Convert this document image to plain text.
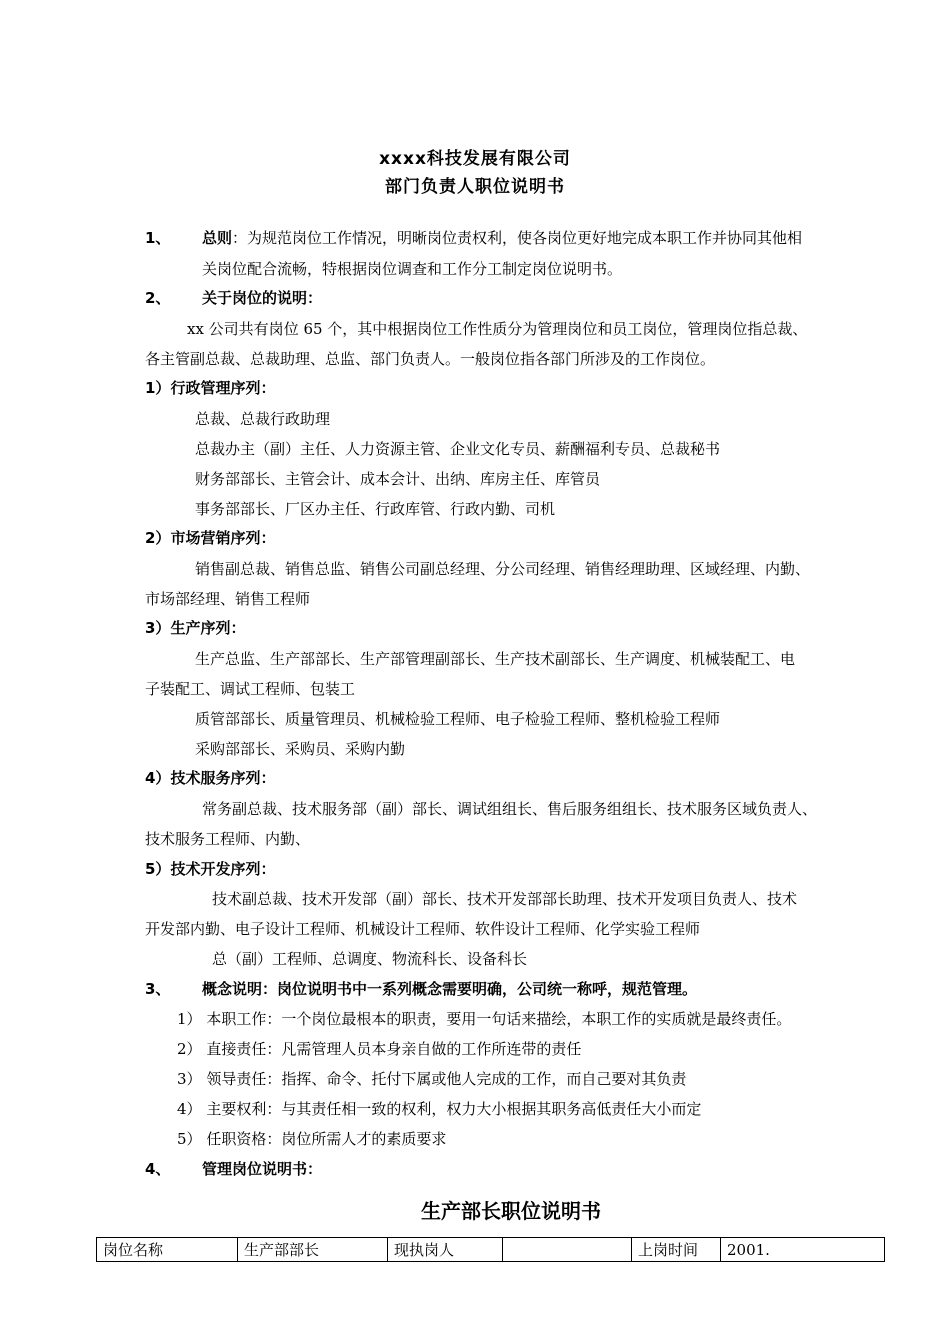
xxxx科技发展有限公司
部门负责人职位说明书
1、 总则：为规范岗位工作情况，明晰岗位责权利，使各岗位更好地完成本职工作并协同其他相
关岗位配合流畅，特根据岗位调查和工作分工制定岗位说明书。
2、 关于岗位的说明：
xx 公司共有岗位 65 个，其中根据岗位工作性质分为管理岗位和员工岗位，管理岗位指总裁、
各主管副总裁、总裁助理、总监、部门负责人。一般岗位指各部门所涉及的工作岗位。
1）行政管理序列：
总裁、总裁行政助理
总裁办主（副）主任、人力资源主管、企业文化专员、薪酬福利专员、总裁秘书
财务部部长、主管会计、成本会计、出纳、库房主任、库管员
事务部部长、厂区办主任、行政库管、行政内勤、司机
2）市场营销序列：
销售副总裁、销售总监、销售公司副总经理、分公司经理、销售经理助理、区域经理、内勤、
市场部经理、销售工程师
3）生产序列：
生产总监、生产部部长、生产部管理副部长、生产技术副部长、生产调度、机械装配工、电
子装配工、调试工程师、包装工
质管部部长、质量管理员、机械检验工程师、电子检验工程师、整机检验工程师
采购部部长、采购员、采购内勤
4）技术服务序列：
常务副总裁、技术服务部（副）部长、调试组组长、售后服务组组长、技术服务区域负责人、
技术服务工程师、内勤、
5）技术开发序列：
技术副总裁、技术开发部（副）部长、技术开发部部长助理、技术开发项目负责人、技术
开发部内勤、电子设计工程师、机械设计工程师、软件设计工程师、化学实验工程师
总（副）工程师、总调度、物流科长、设备科长
3、 概念说明：岗位说明书中一系列概念需要明确，公司统一称呼，规范管理。
1） 本职工作：一个岗位最根本的职责，要用一句话来描绘，本职工作的实质就是最终责任。
2） 直接责任：凡需管理人员本身亲自做的工作所连带的责任
3） 领导责任：指挥、命令、托付下属或他人完成的工作，而自己要对其负责
4） 主要权利：与其责任相一致的权利，权力大小根据其职务高低责任大小而定
5） 任职资格：岗位所需人才的素质要求
4、 管理岗位说明书：
生产部长职位说明书
岗位名称	生产部部长	现执岗人		上岗时间	2001.
